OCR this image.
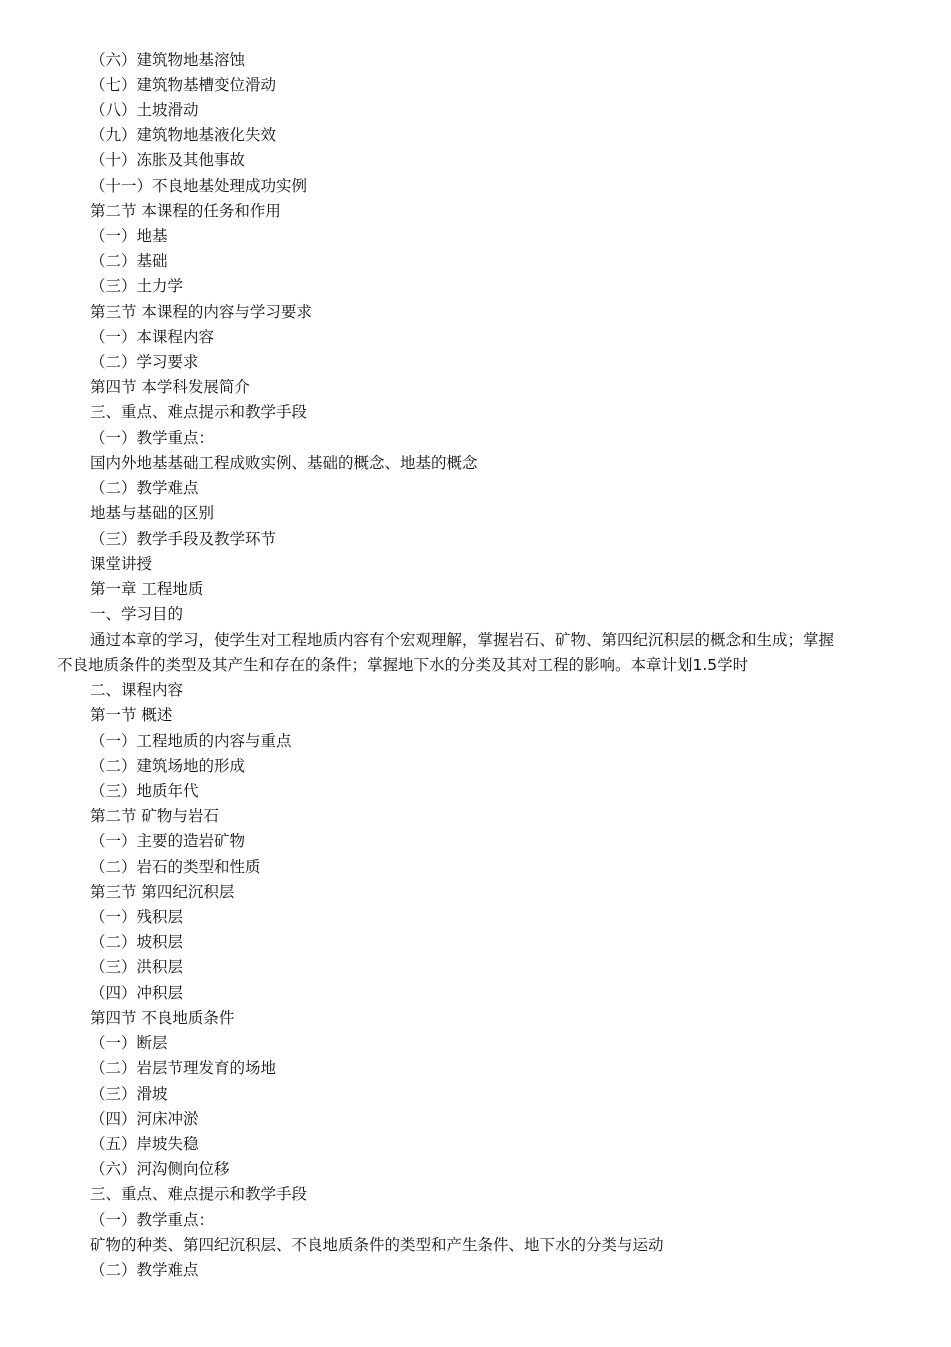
（六）建筑物地基溶蚀
（七）建筑物基槽变位滑动
（八）土坡滑动
（九）建筑物地基液化失效
（十）冻胀及其他事故
（十一）不良地基处理成功实例
第二节 本课程的任务和作用
（一）地基
（二）基础
（三）土力学
第三节 本课程的内容与学习要求
（一）本课程内容
（二）学习要求
第四节 本学科发展简介
三、重点、难点提示和教学手段
（一）教学重点：
国内外地基基础工程成败实例、基础的概念、地基的概念
（二）教学难点
地基与基础的区别
（三）教学手段及教学环节
课堂讲授
第一章 工程地质
一、学习目的
通过本章的学习，使学生对工程地质内容有个宏观理解，掌握岩石、矿物、第四纪沉积层的概念和生成；掌握
不良地质条件的类型及其产生和存在的条件；掌握地下水的分类及其对工程的影响。本章计划1.5学时
二、课程内容
第一节 概述
（一）工程地质的内容与重点
（二）建筑场地的形成
（三）地质年代
第二节 矿物与岩石
（一）主要的造岩矿物
（二）岩石的类型和性质
第三节 第四纪沉积层
（一）残积层
（二）坡积层
（三）洪积层
（四）冲积层
第四节 不良地质条件
（一）断层
（二）岩层节理发育的场地
（三）滑坡
（四）河床冲淤
（五）岸坡失稳
（六）河沟侧向位移
三、重点、难点提示和教学手段
（一）教学重点：
矿物的种类、第四纪沉积层、不良地质条件的类型和产生条件、地下水的分类与运动
（二）教学难点
